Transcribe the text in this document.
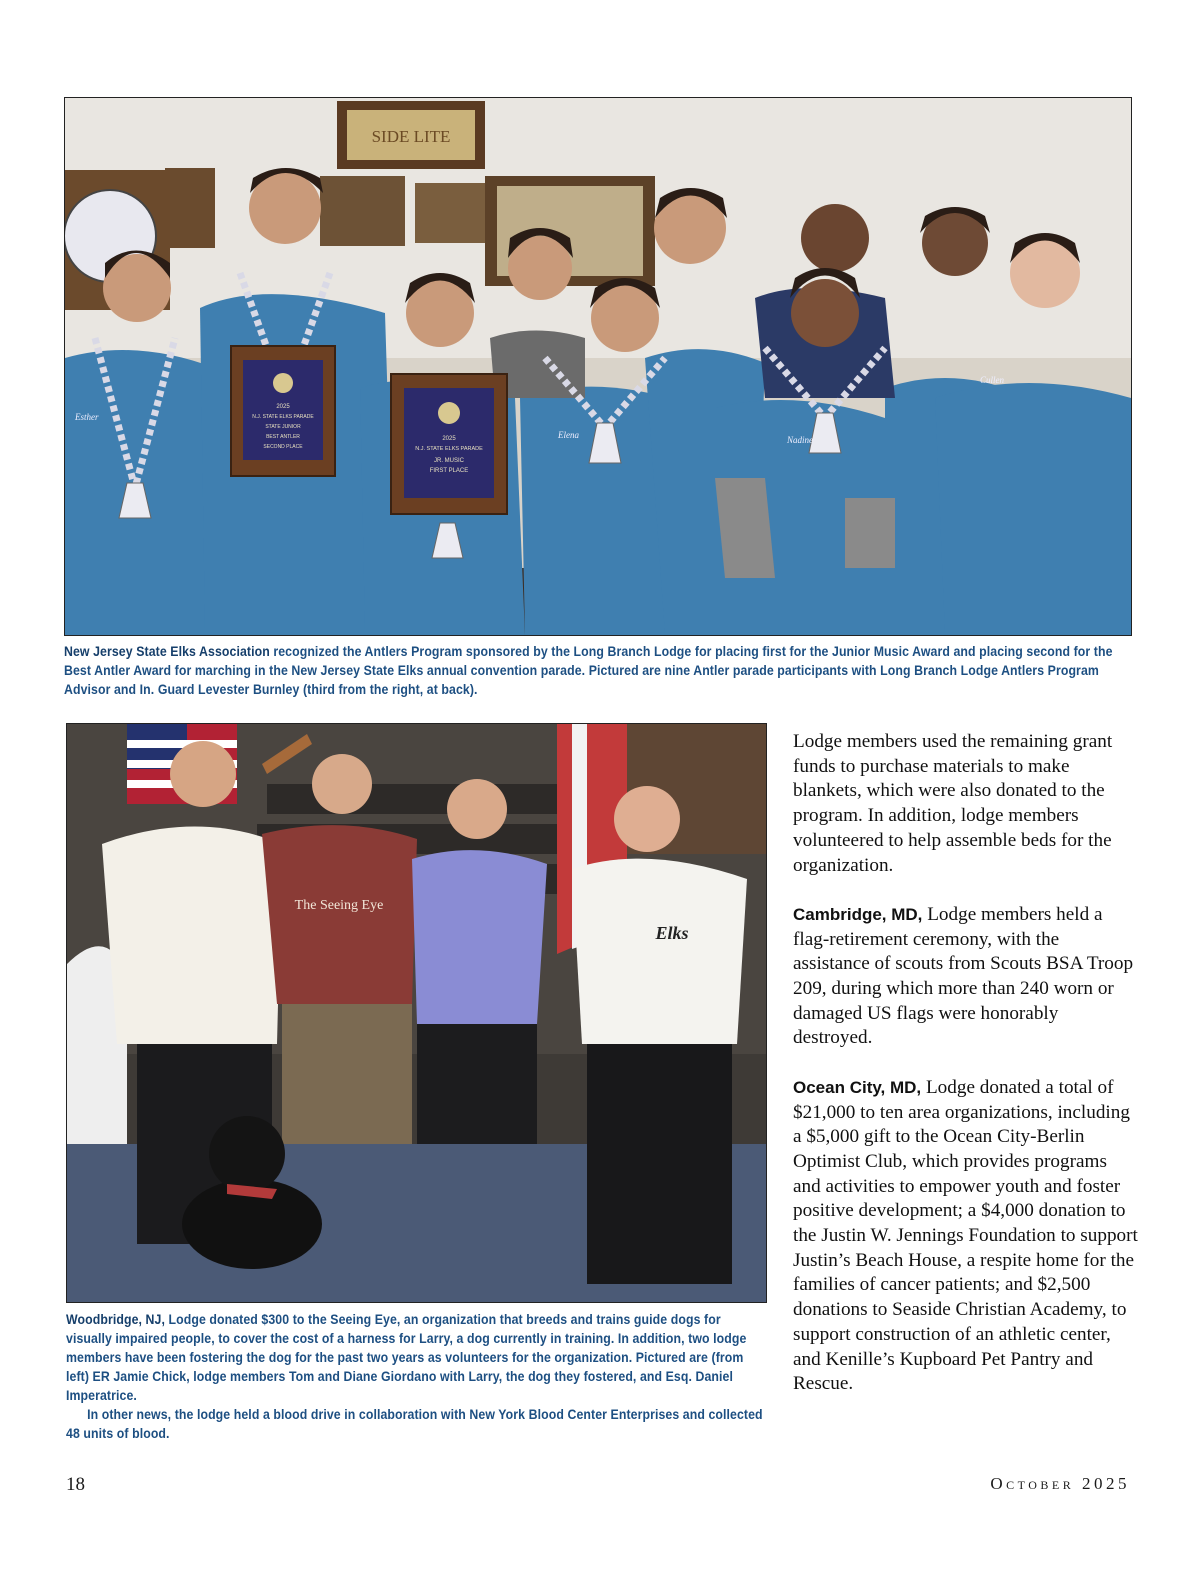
SIDE LITE
2025
N.J. STATE ELKS PARADE
STATE JUNIOR
BEST ANTLER
SECOND PLACE
2025
N.J. STATE ELKS PARADE
JR. MUSIC
FIRST PLACE
Esther
Elena	Nadine
Cullen

New Jersey State Elks Association recognized the Antlers Program sponsored by the Long Branch Lodge for placing first for the Junior Music Award and placing second for the Best Antler Award for marching in the New Jersey State Elks annual convention parade. Pictured are nine Antler parade participants with Long Branch Lodge Antlers Program Advisor and In. Guard Levester Burnley (third from the right, at back).

The Seeing Eye
Elks

Woodbridge, NJ, Lodge donated $300 to the Seeing Eye, an organization that breeds and trains guide dogs for visually impaired people, to cover the cost of a harness for Larry, a dog currently in training. In addition, two lodge members have been fostering the dog for the past two years as volunteers for the organization. Pictured are (from left) ER Jamie Chick, lodge members Tom and Diane Giordano with Larry, the dog they fostered, and Esq. Daniel Imperatrice.

In other news, the lodge held a blood drive in collaboration with New York Blood Center Enterprises and collected 48 units of blood.

Lodge members used the remaining grant funds to purchase materials to make blankets, which were also donated to the program. In addition, lodge members volunteered to help assemble beds for the organization.

Cambridge, MD, Lodge members held a flag-retirement ceremony, with the assistance of scouts from Scouts BSA Troop 209, during which more than 240 worn or damaged US flags were honorably destroyed.

Ocean City, MD, Lodge donated a total of $21,000 to ten area organizations, including a $5,000 gift to the Ocean City-Berlin Optimist Club, which provides programs and activities to empower youth and foster positive development; a $4,000 donation to the Justin W. Jennings Foundation to support Justin’s Beach House, a respite home for the families of cancer patients; and $2,500 donations to Seaside Christian Academy, to support construction of an athletic center, and Kenille’s Kupboard Pet Pantry and Rescue.

18	October 2025
